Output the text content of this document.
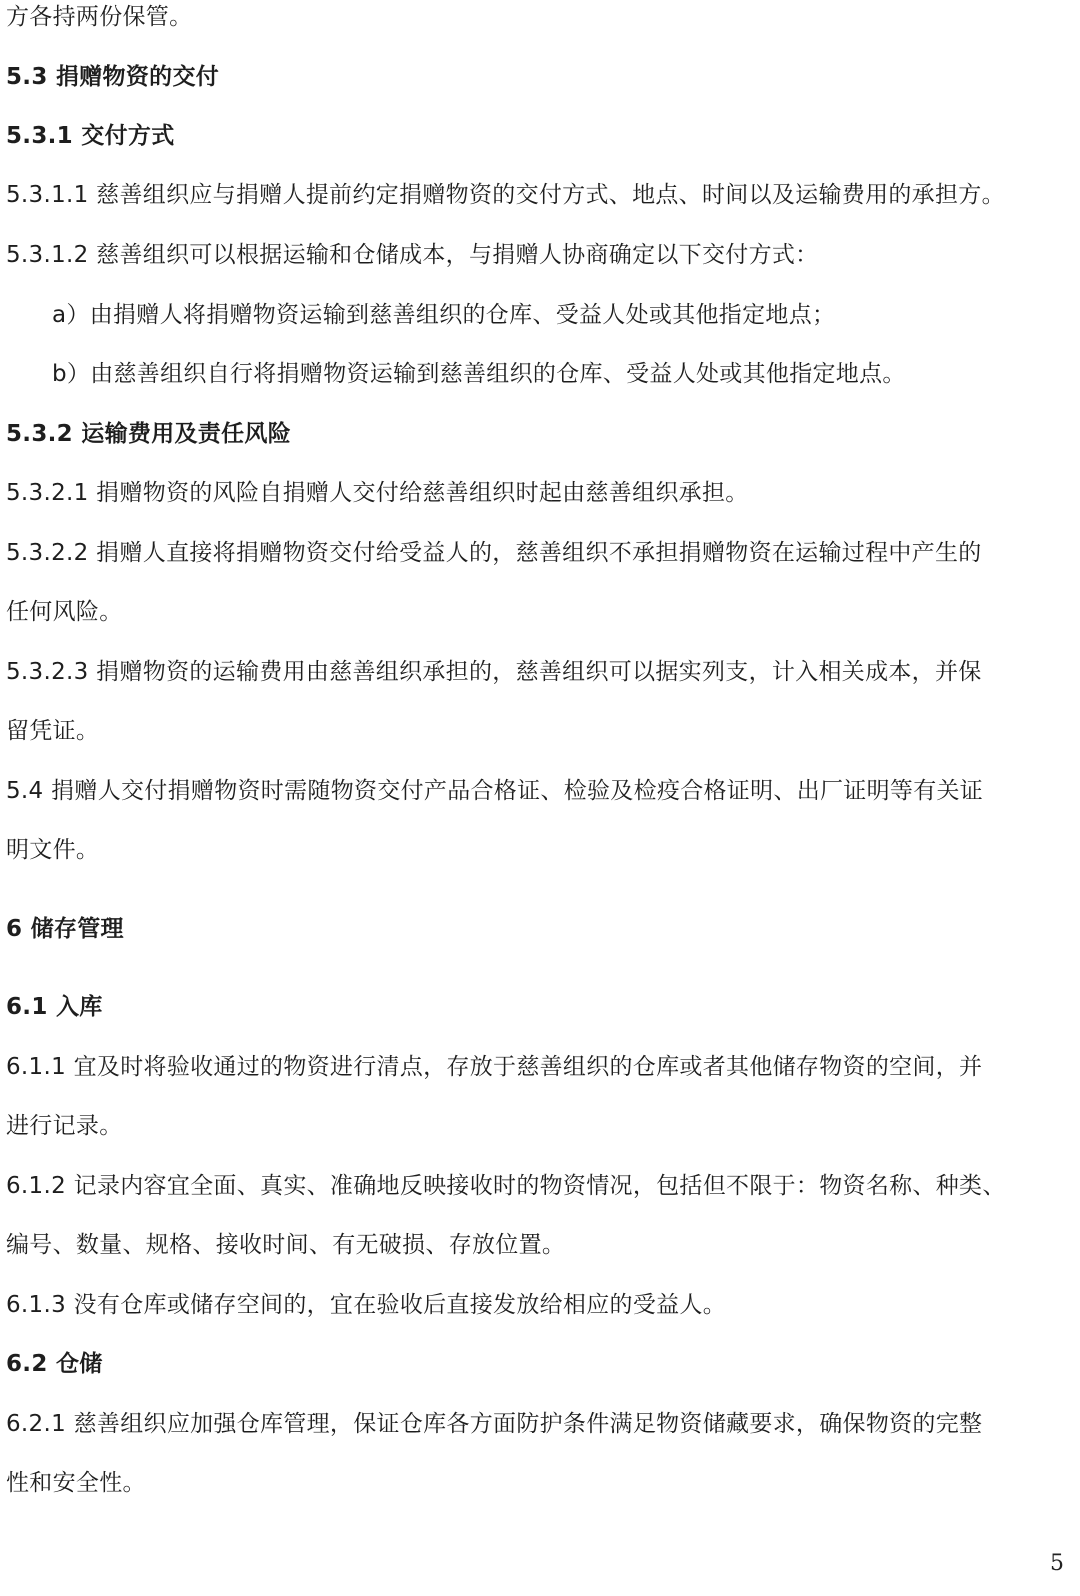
方各持两份保管。
5.3 捐赠物资的交付
5.3.1 交付方式
5.3.1.1 慈善组织应与捐赠人提前约定捐赠物资的交付方式、地点、时间以及运输费用的承担方。
5.3.1.2 慈善组织可以根据运输和仓储成本，与捐赠人协商确定以下交付方式：
a）由捐赠人将捐赠物资运输到慈善组织的仓库、受益人处或其他指定地点；
b）由慈善组织自行将捐赠物资运输到慈善组织的仓库、受益人处或其他指定地点。
5.3.2 运输费用及责任风险
5.3.2.1 捐赠物资的风险自捐赠人交付给慈善组织时起由慈善组织承担。
5.3.2.2 捐赠人直接将捐赠物资交付给受益人的，慈善组织不承担捐赠物资在运输过程中产生的
任何风险。
5.3.2.3 捐赠物资的运输费用由慈善组织承担的，慈善组织可以据实列支，计入相关成本，并保
留凭证。
5.4 捐赠人交付捐赠物资时需随物资交付产品合格证、检验及检疫合格证明、出厂证明等有关证
明文件。
6 储存管理
6.1 入库
6.1.1 宜及时将验收通过的物资进行清点，存放于慈善组织的仓库或者其他储存物资的空间，并
进行记录。
6.1.2 记录内容宜全面、真实、准确地反映接收时的物资情况，包括但不限于：物资名称、种类、
编号、数量、规格、接收时间、有无破损、存放位置。
6.1.3 没有仓库或储存空间的，宜在验收后直接发放给相应的受益人。
6.2 仓储
6.2.1 慈善组织应加强仓库管理，保证仓库各方面防护条件满足物资储藏要求，确保物资的完整
性和安全性。
5
